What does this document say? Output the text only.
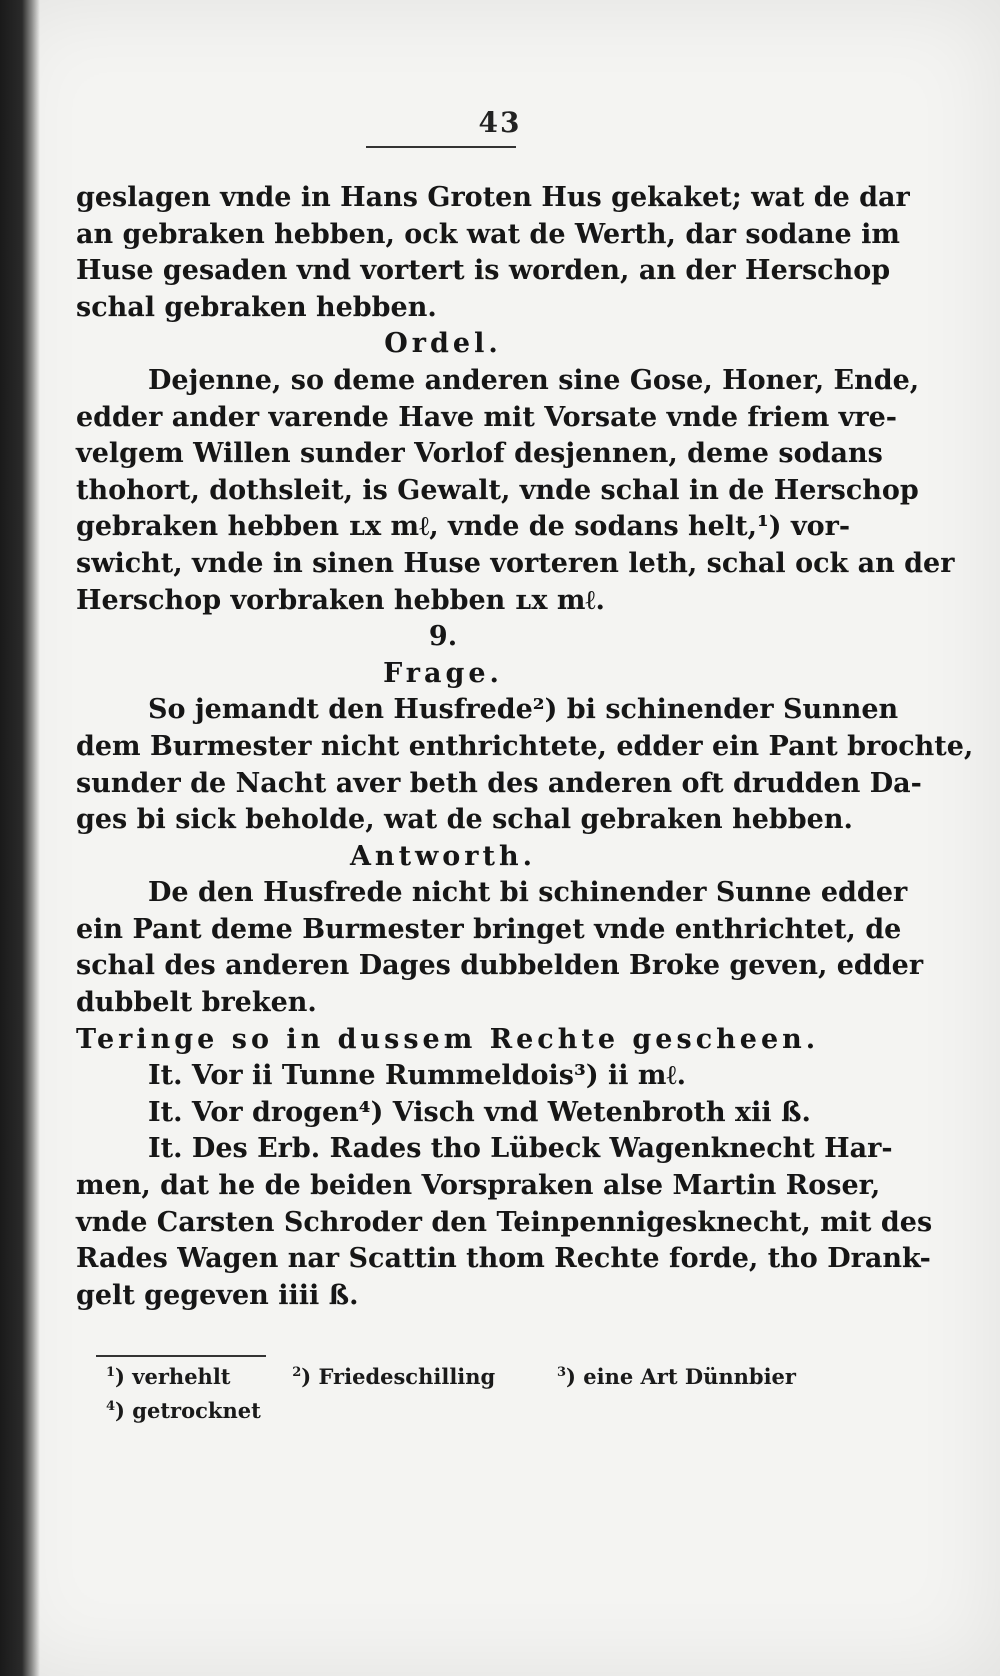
43
geslagen vnde in Hans Groten Hus gekaket; wat de dar
an gebraken hebben, ock wat de Werth, dar sodane im
Huse gesaden vnd vortert is worden, an der Herschop
schal gebraken hebben.
Ordel.
Dejenne, so deme anderen sine Gose, Honer, Ende,
edder ander varende Have mit Vorsate vnde friem vre-
velgem Willen sunder Vorlof desjennen, deme sodans
thohort, dothsleit, is Gewalt, vnde schal in de Herschop
gebraken hebben ʟx mℓ, vnde de sodans helt,¹) vor-
swicht, vnde in sinen Huse vorteren leth, schal ock an der
Herschop vorbraken hebben ʟx mℓ.
9.
Frage.
So jemandt den Husfrede²) bi schinender Sunnen
dem Burmester nicht enthrichtete, edder ein Pant brochte,
sunder de Nacht aver beth des anderen oft drudden Da-
ges bi sick beholde, wat de schal gebraken hebben.
Antworth.
De den Husfrede nicht bi schinender Sunne edder
ein Pant deme Burmester bringet vnde enthrichtet, de
schal des anderen Dages dubbelden Broke geven, edder
dubbelt breken.
Teringe so in dussem Rechte gescheen.
It. Vor ii Tunne Rummeldois³) ii mℓ.
It. Vor drogen⁴) Visch vnd Wetenbroth xii ß.
It. Des Erb. Rades tho Lübeck Wagenknecht Har-
men, dat he de beiden Vorspraken alse Martin Roser,
vnde Carsten Schroder den Teinpennigesknecht, mit des
Rades Wagen nar Scattin thom Rechte forde, tho Drank-
gelt gegeven iiii ß.
$^1$) verhehlt	$^2$) Friedeschilling	$^3$) eine Art Dünnbier
$^4$) getrocknet
